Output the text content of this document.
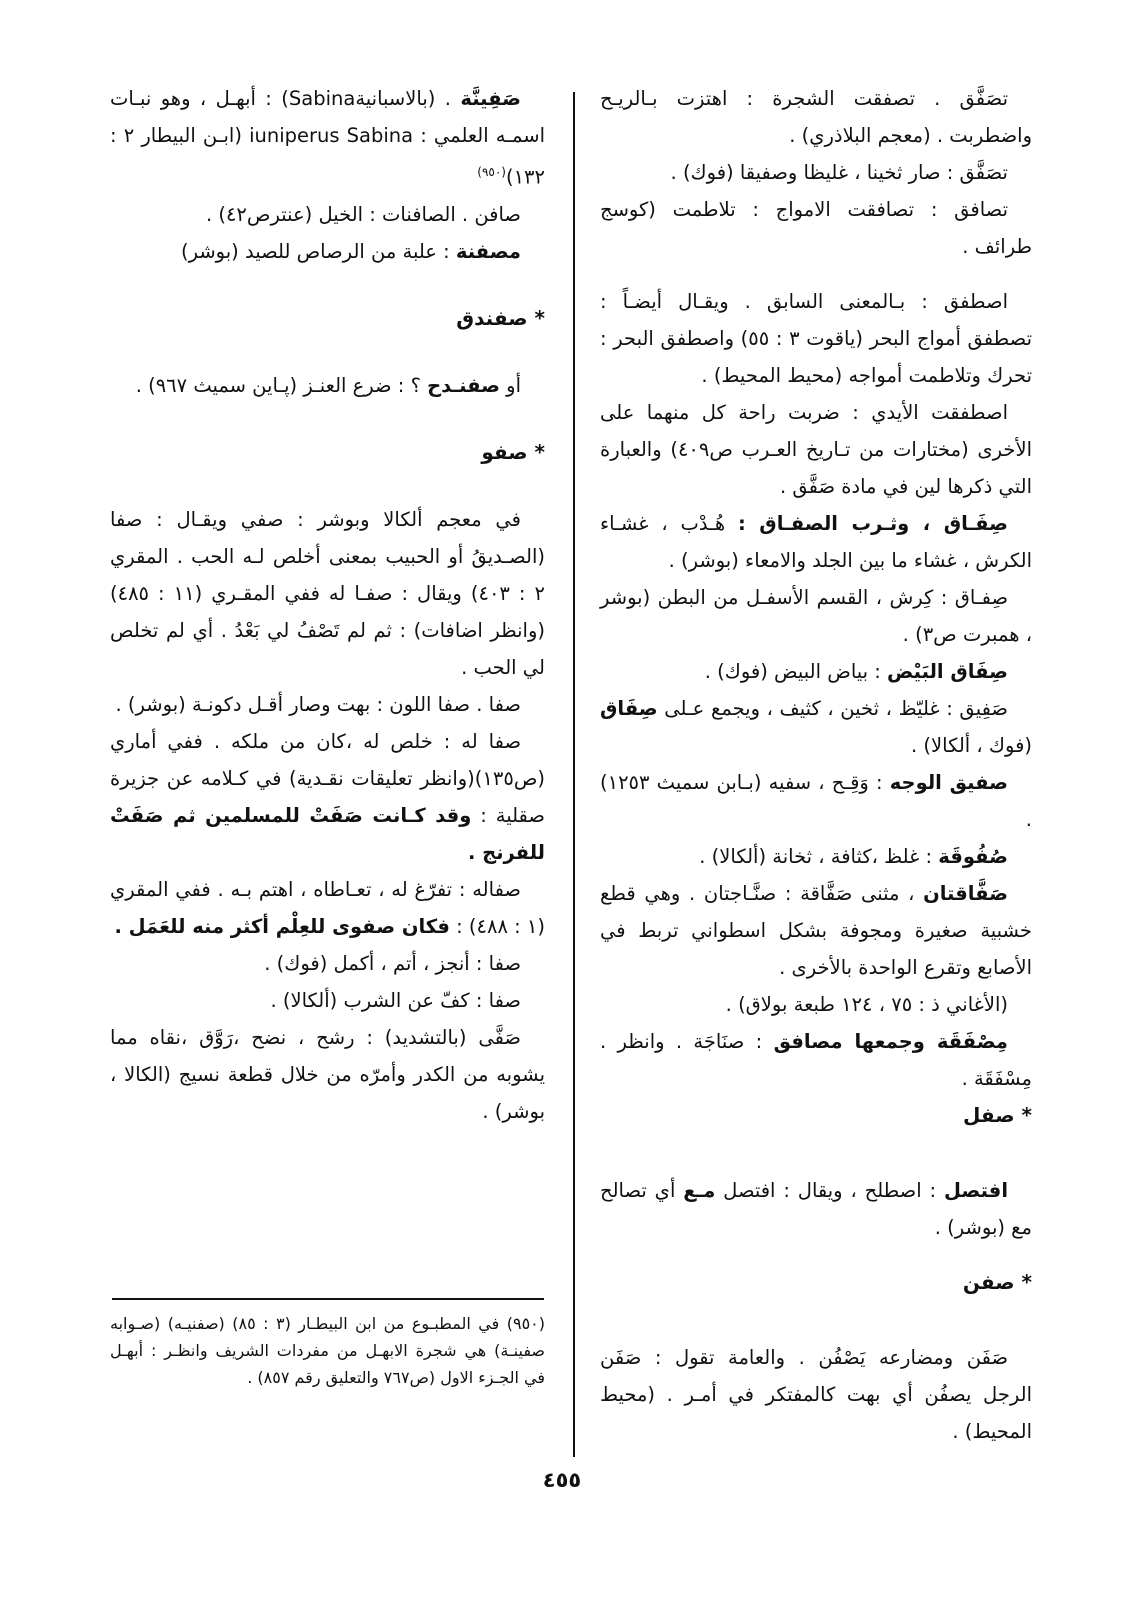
تصَفَّق . تصفقت الشجرة : اهتزت بـالريـح واضطربت . (معجم البلاذري) .

تصَفَّق : صار ثخينا ، غليظا وصفيقا (فوك) .

تصافق : تصافقت الامواج : تلاطمت (كوسج طرائف .

اصطفق : بـالمعنى السابق . ويقـال أيضـاً : تصطفق أمواج البحر (ياقوت ٣ : ٥٥) واصطفق البحر : تحرك وتلاطمت أمواجه (محيط المحيط) .

اصطفقت الأيدي : ضربت راحة كل منهما على الأخرى (مختارات من تـاريخ العـرب ص٤٠٩) والعبارة التي ذكرها لين في مادة صَفَّق .

صِفَـاق ، وثـرب الصفـاق : هُـدْب ، غشـاء الكرش ، غشاء ما بين الجلد والامعاء (بوشر) .

صِفـاق : كِرش ، القسم الأسفـل من البطن (بوشر ، همبرت ص٣) .

صِفَاق البَيْض : بياض البيض (فوك) .

صَفِيق : غليّظ ، ثخين ، كثيف ، ويجمع عـلى صِفَاق (فوك ، ألكالا) .

صفيق الوجه : وَقِـح ، سفيه (بـابن سميث ١٢٥٣) .

صُفُوقَة : غلظ ،كثافة ، ثخانة (ألكالا) .

صَفَّاقتان ، مثنى صَفَّاقة : صنَّـاجتان . وهي قطع خشبية صغيرة ومجوفة بشكل اسطواني تربط في الأصابع وتقرع الواحدة بالأخرى .

(الأغاني ذ : ٧٥ ، ١٢٤ طبعة بولاق) .

مِصْفَقَة وجمعها مصافق : صنَاجَة . وانظر . مِسْفَقَة .

* صفل

افتصل : اصطلح ، ويقال : افتصل مـع أي تصالح مع (بوشر) .

* صفن

صَفَن ومضارعه يَصْفُن . والعامة تقول : صَفَن الرجل يصفُن أي بهت كالمفتكر في أمـر . (محيط المحيط) .

صَفِينَّة . (بالاسبانيةSabina) : أبهـل ، وهو نبـات اسمـه العلمي : iuniperus Sabina (ابـن البيطار ٢ : ١٣٢)$^{(٩٥٠)}$

صافن . الصافنات : الخيل (عنترص٤٢) .

مصفنة : علبة من الرصاص للصيد (بوشر)

* صفندق

أو صفنـدح ؟ : ضرع العنـز (پـاين سميث ٩٦٧) .

* صفو

في معجم ألكالا وبوشر : صفي ويقـال : صفا (الصـديقُ أو الحبيب بمعنى أخلص لـه الحب . المقري ٢ : ٤٠٣) ويقال : صفـا له ففي المقـري (١١ : ٤٨٥) (وانظر اضافات) : ثم لم تَصْفُ لي بَعْدُ . أي لم تخلص لي الحب .

صفا . صفا اللون : بهت وصار أقـل دكونـة (بوشر) .

صفا له : خلص له ،كان من ملكه . ففي أماري (ص١٣٥)(وانظر تعليقات نقـدية) في كـلامه عن جزيرة صقلية : وقد كـانت صَفَتْ للمسلمين ثم صَفَتْ للفرنج .

صفاله : تفرّغ له ، تعـاطاه ، اهتم بـه . ففي المقري (١ : ٤٨٨) : فكان صفوى للعِلْم أكثر منه للعَمَل .

صفا : أنجز ، أتم ، أكمل (فوك) .

صفا : كفّ عن الشرب (ألكالا) .

صَفَّى (بالتشديد) : رشح ، نضح ،رَوَّق ،نقاه مما يشوبه من الكدر وأمرّه من خلال قطعة نسيج (الكالا ، بوشر) .

(٩٥٠) في المطبـوع من ابن البيطـار (٣ : ٨٥) (صفنيـه) (صـوابه صفينـة) هي شجرة الابهـل من مفردات الشريف وانظـر : أبهـل في الجـزء الاول (ص٧٦٧ والتعليق رقم ٨٥٧) .
٤٥٥
